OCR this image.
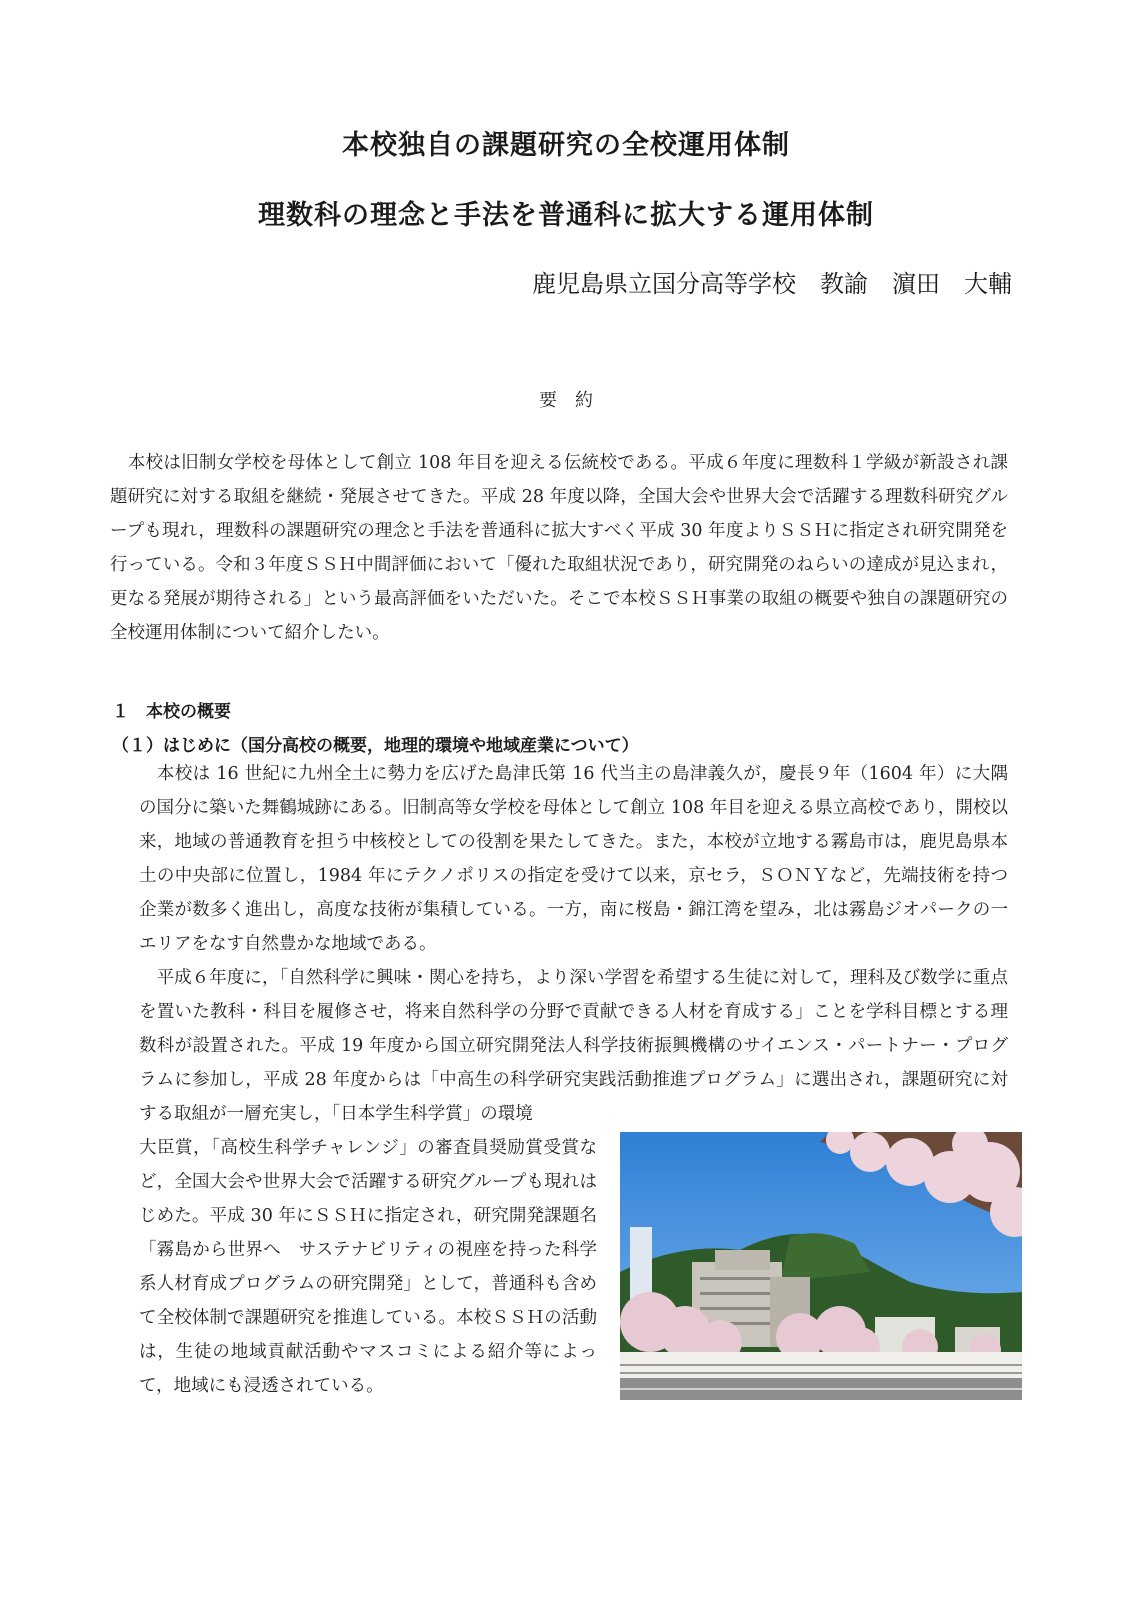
本校独自の課題研究の全校運用体制
理数科の理念と手法を普通科に拡大する運用体制
鹿児島県立国分高等学校　教諭　濵田　大輔
要　約

　本校は旧制女学校を母体として創立 108 年目を迎える伝統校である。平成６年度に理数科１学級が新設され課題研究に対する取組を継続・発展させてきた。平成 28 年度以降，全国大会や世界大会で活躍する理数科研究グループも現れ，理数科の課題研究の理念と手法を普通科に拡大すべく平成 30 年度よりＳＳＨに指定され研究開発を行っている。令和３年度ＳＳＨ中間評価において「優れた取組状況であり，研究開発のねらいの達成が見込まれ，更なる発展が期待される」という最高評価をいただいた。そこで本校ＳＳＨ事業の取組の概要や独自の課題研究の全校運用体制について紹介したい。

１　本校の概要
（１）はじめに（国分高校の概要，地理的環境や地域産業について）

　本校は 16 世紀に九州全土に勢力を広げた島津氏第 16 代当主の島津義久が，慶長９年（1604 年）に大隅の国分に築いた舞鶴城跡にある。旧制高等女学校を母体として創立 108 年目を迎える県立高校であり，開校以来，地域の普通教育を担う中核校としての役割を果たしてきた。また，本校が立地する霧島市は，鹿児島県本土の中央部に位置し，1984 年にテクノポリスの指定を受けて以来，京セラ，ＳＯＮＹなど，先端技術を持つ企業が数多く進出し，高度な技術が集積している。一方，南に桜島・錦江湾を望み，北は霧島ジオパークの一エリアをなす自然豊かな地域である。

　平成６年度に，「自然科学に興味・関心を持ち，より深い学習を希望する生徒に対して，理科及び数学に重点を置いた教科・科目を履修させ，将来自然科学の分野で貢献できる人材を育成する」ことを学科目標とする理数科が設置された。平成 19 年度から国立研究開発法人科学技術振興機構のサイエンス・パートナー・プログラムに参加し，平成 28 年度からは「中高生の科学研究実践活動推進プログラム」に選出され，課題研究に対する取組が一層充実し，「日本学生科学賞」の環境

大臣賞，「高校生科学チャレンジ」の審査員奨励賞受賞など，全国大会や世界大会で活躍する研究グループも現れはじめた。平成 30 年にＳＳＨに指定され，研究開発課題名「霧島から世界へ　サステナビリティの視座を持った科学系人材育成プログラムの研究開発」として，普通科も含めて全校体制で課題研究を推進している。本校ＳＳＨの活動は，生徒の地域貢献活動やマスコミによる紹介等によって，地域にも浸透されている。
